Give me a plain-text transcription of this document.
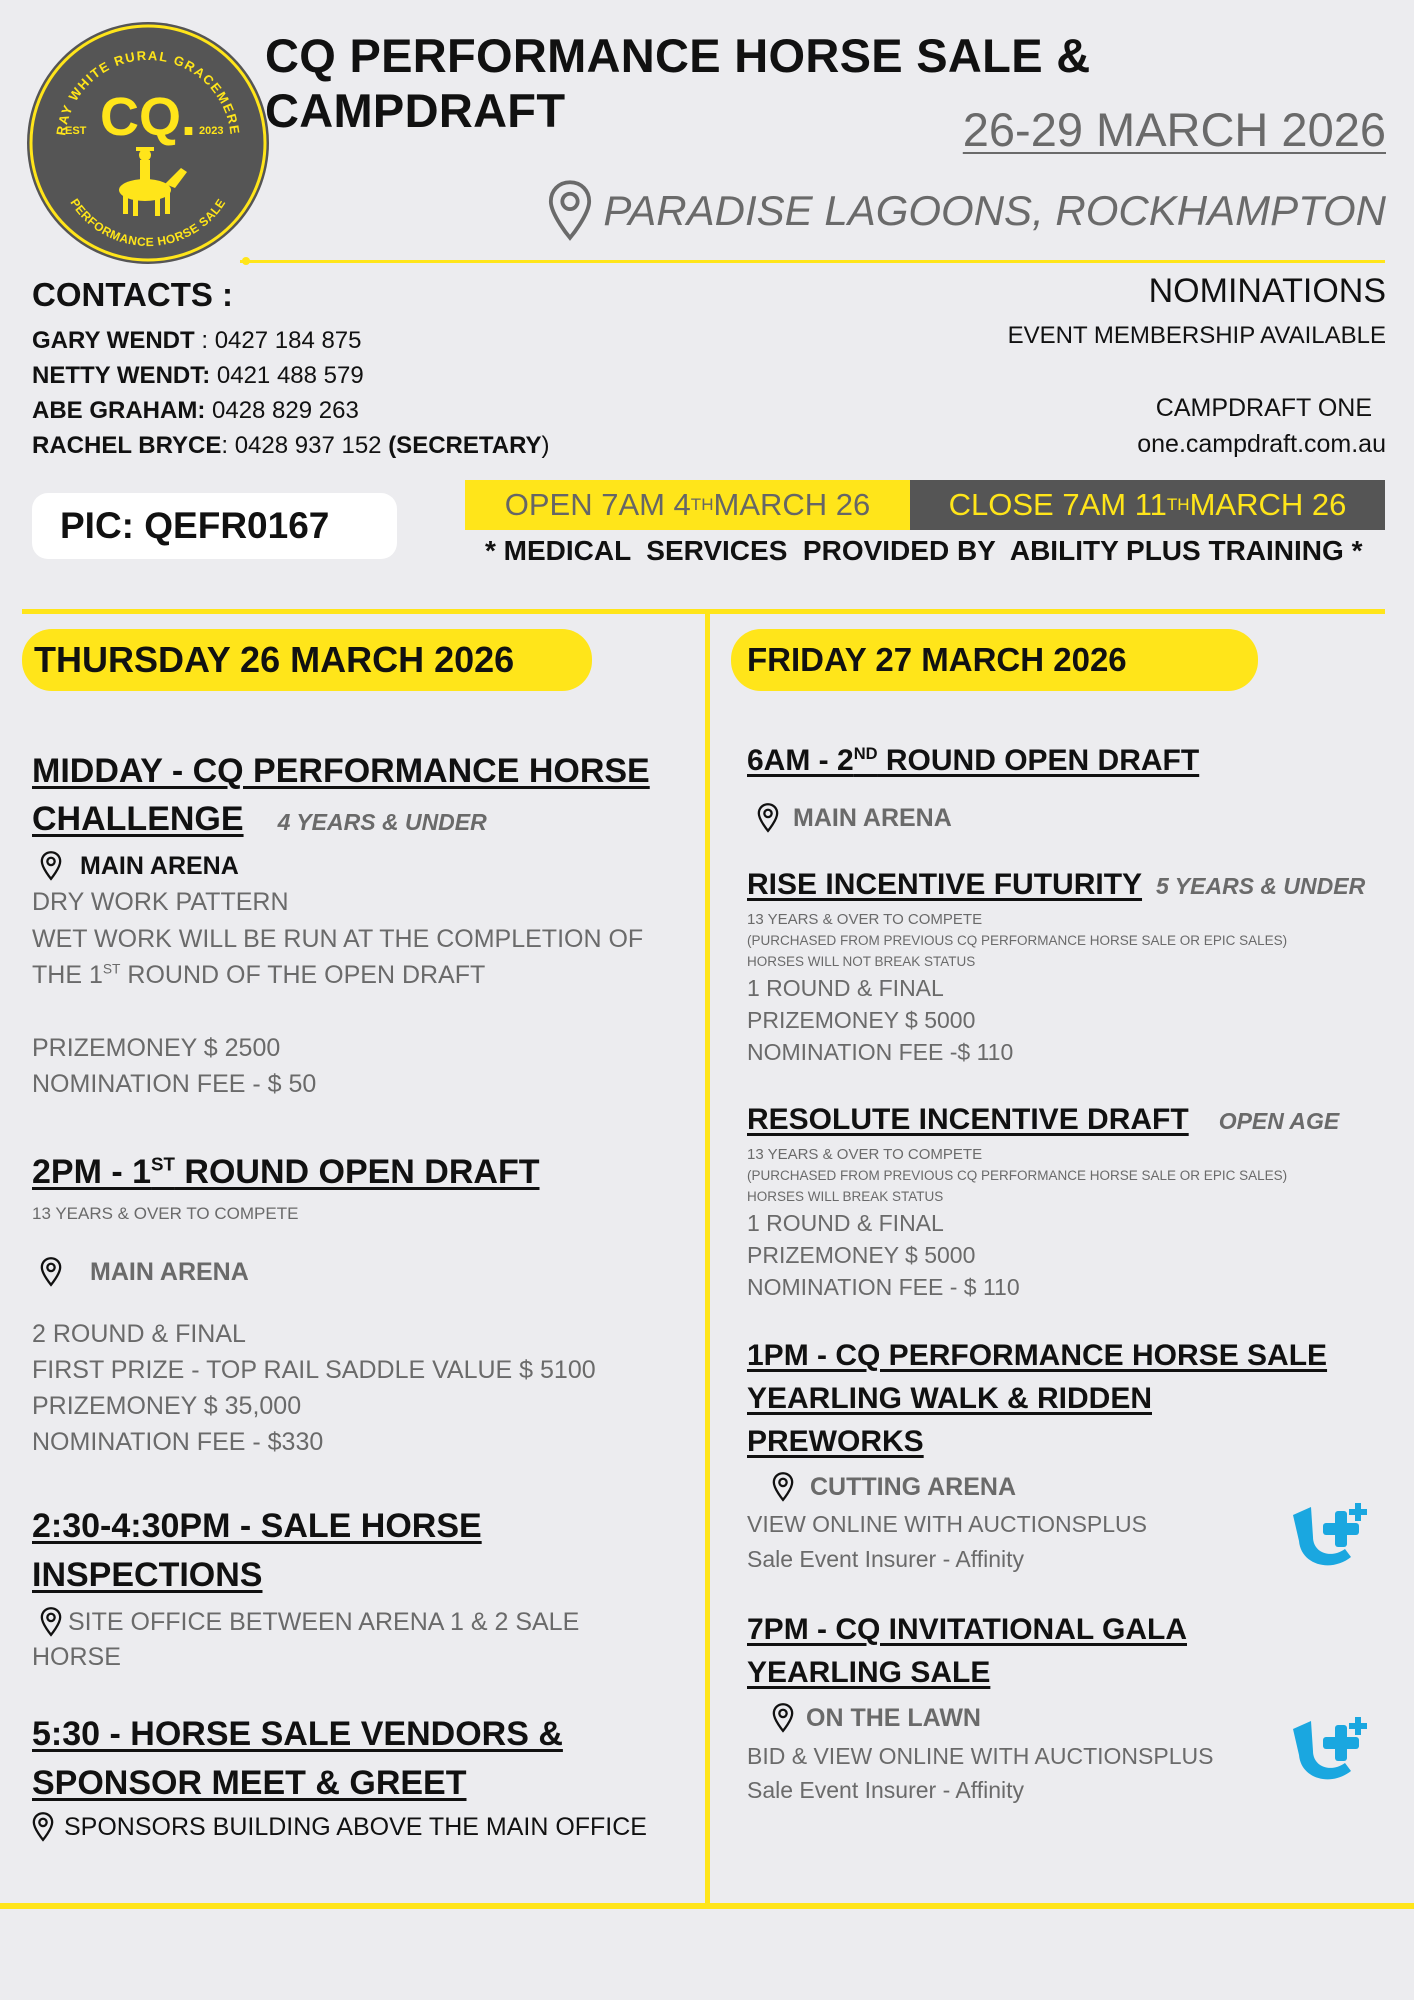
RAY WHITE RURAL GRACEMERE
PERFORMANCE HORSE SALE
CQ.
EST	2023
CQ PERFORMANCE HORSE SALE & CAMPDRAFT	26-29 MARCH 2026
PARADISE LAGOONS, ROCKHAMPTON
CONTACTS :
GARY WENDT : 0427 184 875
NETTY WENDT: 0421 488 579
ABE GRAHAM: 0428 829 263
RACHEL BRYCE: 0428 937 152 (SECRETARY)
NOMINATIONS
EVENT MEMBERSHIP AVAILABLE
CAMPDRAFT ONE
one.campdraft.com.au
PIC: QEFR0167
OPEN 7AM 4 TH MARCH 26	CLOSE 7AM 11 TH MARCH 26
* MEDICAL  SERVICES  PROVIDED BY  ABILITY PLUS TRAINING *
THURSDAY 26 MARCH 2026
MIDDAY - CQ PERFORMANCE HORSE
CHALLENGE 4 YEARS & UNDER
MAIN ARENA
DRY WORK PATTERN
WET WORK WILL BE RUN AT THE COMPLETION OF
THE 1ST ROUND OF THE OPEN DRAFT
PRIZEMONEY $ 2500
NOMINATION FEE - $ 50
2PM - 1ST ROUND OPEN DRAFT
13 YEARS & OVER TO COMPETE
MAIN ARENA
2 ROUND & FINAL
FIRST PRIZE - TOP RAIL SADDLE VALUE $ 5100
PRIZEMONEY $ 35,000
NOMINATION FEE - $330
2:30-4:30PM - SALE HORSE
INSPECTIONS
SITE OFFICE BETWEEN ARENA 1 & 2 SALE
HORSE
5:30 - HORSE SALE VENDORS &
SPONSOR MEET & GREET
SPONSORS BUILDING ABOVE THE MAIN OFFICE
FRIDAY 27 MARCH 2026
6AM - 2ND ROUND OPEN DRAFT
MAIN ARENA
RISE INCENTIVE FUTURITY 5 YEARS & UNDER
13 YEARS & OVER TO COMPETE
(PURCHASED FROM PREVIOUS CQ PERFORMANCE HORSE SALE OR EPIC SALES)
HORSES WILL NOT BREAK STATUS
1 ROUND & FINAL
PRIZEMONEY $ 5000
NOMINATION FEE -$ 110
RESOLUTE INCENTIVE DRAFT OPEN AGE
13 YEARS & OVER TO COMPETE
(PURCHASED FROM PREVIOUS CQ PERFORMANCE HORSE SALE OR EPIC SALES)
HORSES WILL BREAK STATUS
1 ROUND & FINAL
PRIZEMONEY $ 5000
NOMINATION FEE - $ 110
1PM - CQ PERFORMANCE HORSE SALE
YEARLING WALK & RIDDEN
PREWORKS
CUTTING ARENA
VIEW ONLINE WITH AUCTIONSPLUS
Sale Event Insurer - Affinity
7PM - CQ INVITATIONAL GALA
YEARLING SALE
ON THE LAWN
BID & VIEW ONLINE WITH AUCTIONSPLUS
Sale Event Insurer - Affinity
